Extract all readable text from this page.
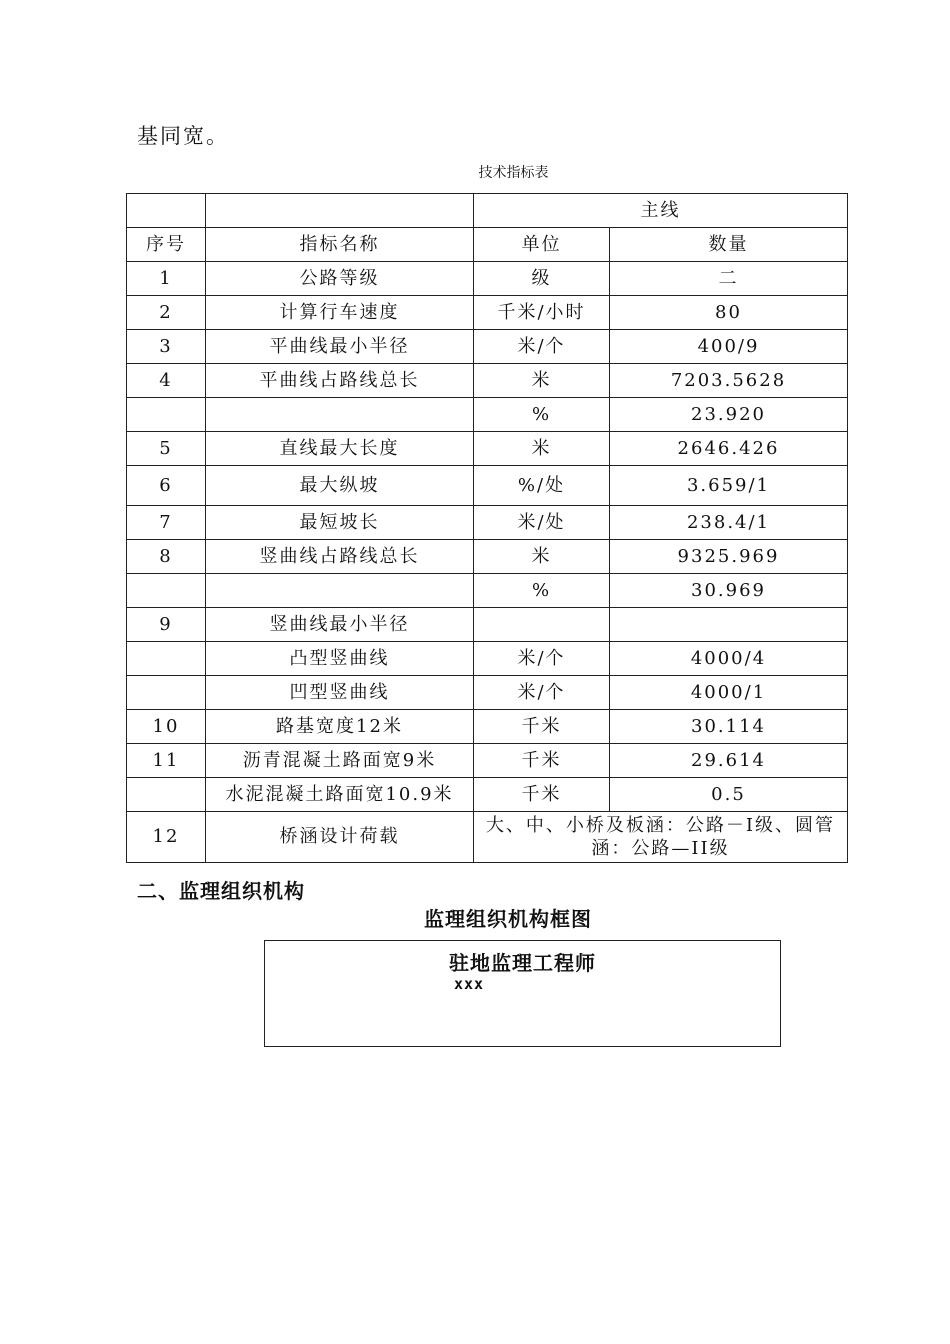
基同宽。
技术指标表
		主线	
序号	指标名称	单位	数量
1	公路等级	级	二
2	计算行车速度	千米/小时	80
3	平曲线最小半径	米/个	400/9
4	平曲线占路线总长	米	7203.5628
		%	23.920
5	直线最大长度	米	2646.426
6	最大纵坡	%/处	3.659/1
7	最短坡长	米/处	238.4/1
8	竖曲线占路线总长	米	9325.969
		%	30.969
9	竖曲线最小半径		
	凸型竖曲线	米/个	4000/4
	凹型竖曲线	米/个	4000/1
10	路基宽度12米	千米	30.114
11	沥青混凝土路面宽9米	千米	29.614
	水泥混凝土路面宽10.9米	千米	0.5
12	桥涵设计荷载	大、中、小桥及板涵：公路－I级、圆管涵：公路—II级	
二、监理组织机构
监理组织机构框图
驻地监理工程师
xxx
